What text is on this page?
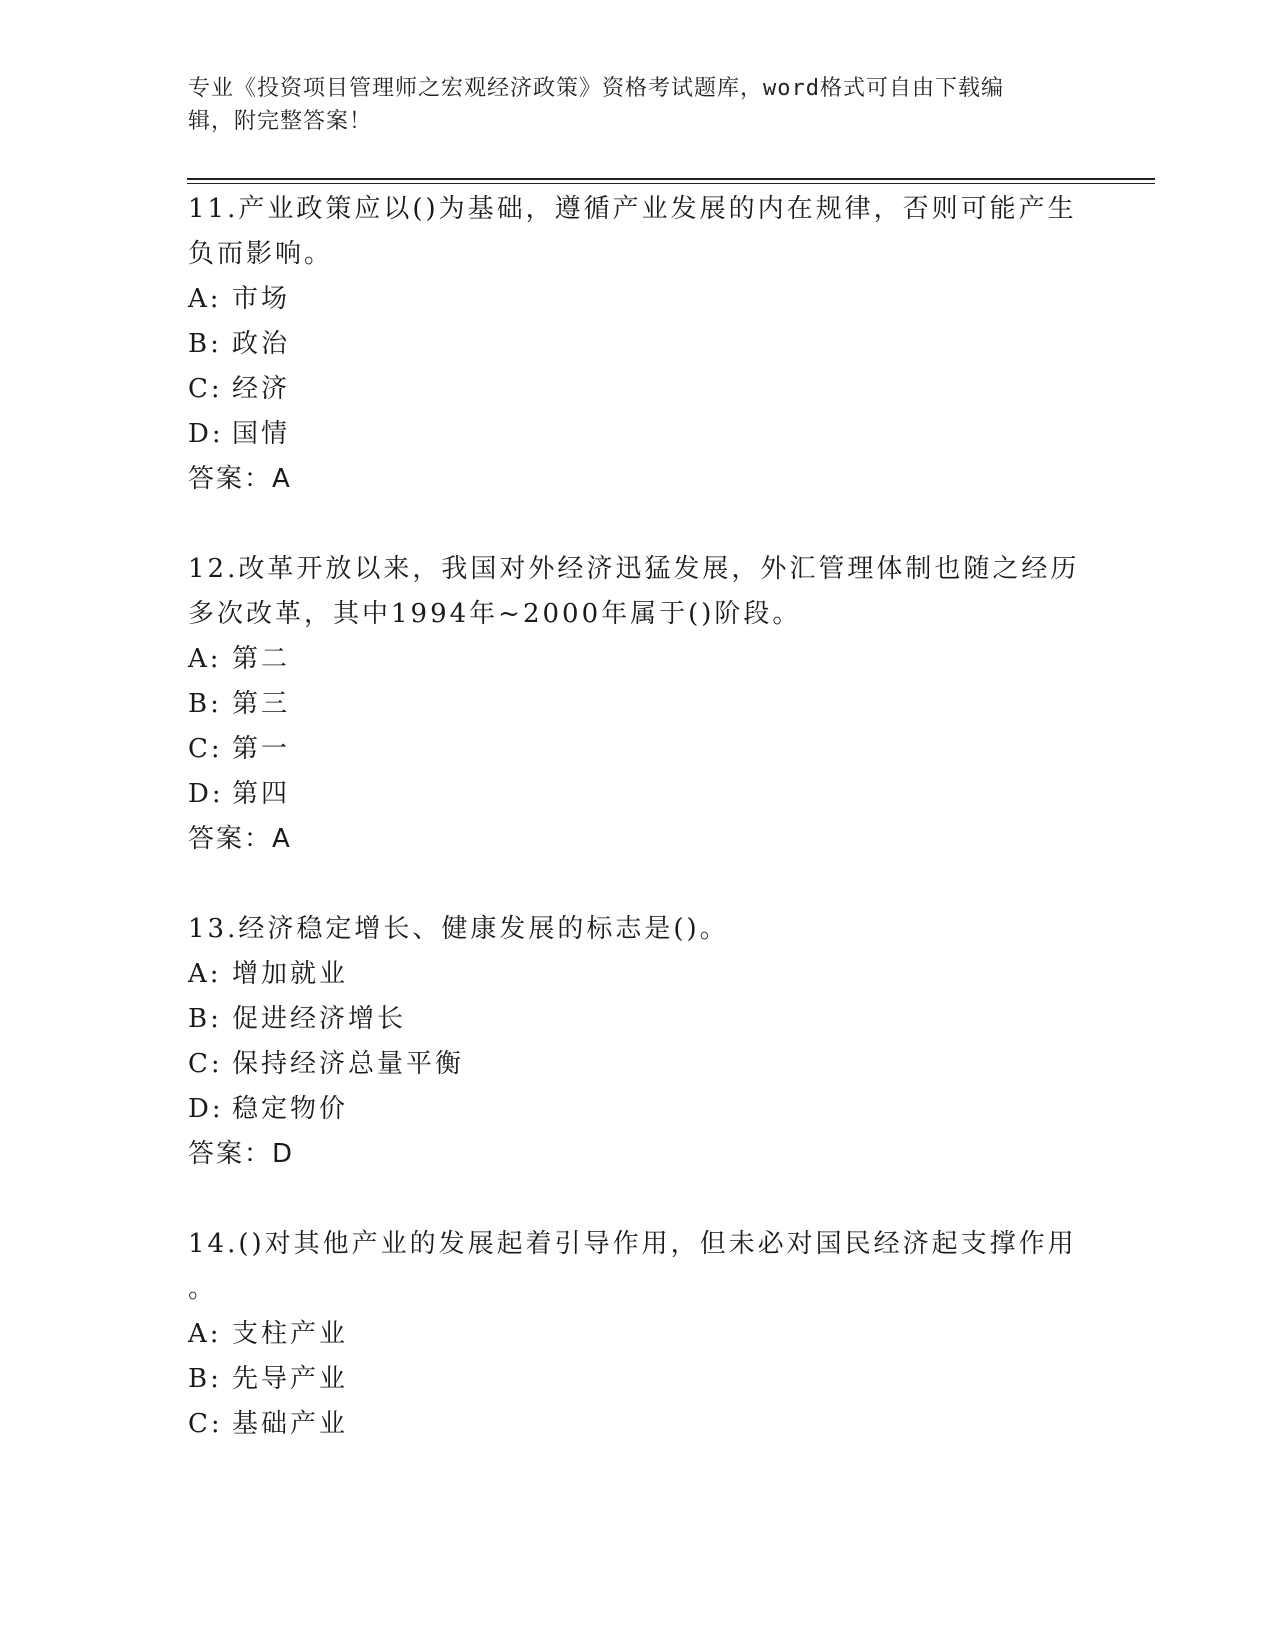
专业《投资项目管理师之宏观经济政策》资格考试题库，word格式可自由下载编
辑，附完整答案！
11.产业政策应以()为基础，遵循产业发展的内在规律，否则可能产生
负而影响。
A: 市场
B: 政治
C: 经济
D: 国情
答案：A
12.改革开放以来，我国对外经济迅猛发展，外汇管理体制也随之经历
多次改革，其中1994年~2000年属于()阶段。
A: 第二
B: 第三
C: 第一
D: 第四
答案：A
13.经济稳定增长、健康发展的标志是()。
A: 增加就业
B: 促进经济增长
C: 保持经济总量平衡
D: 稳定物价
答案：D
14.()对其他产业的发展起着引导作用，但未必对国民经济起支撑作用
。
A: 支柱产业
B: 先导产业
C: 基础产业
